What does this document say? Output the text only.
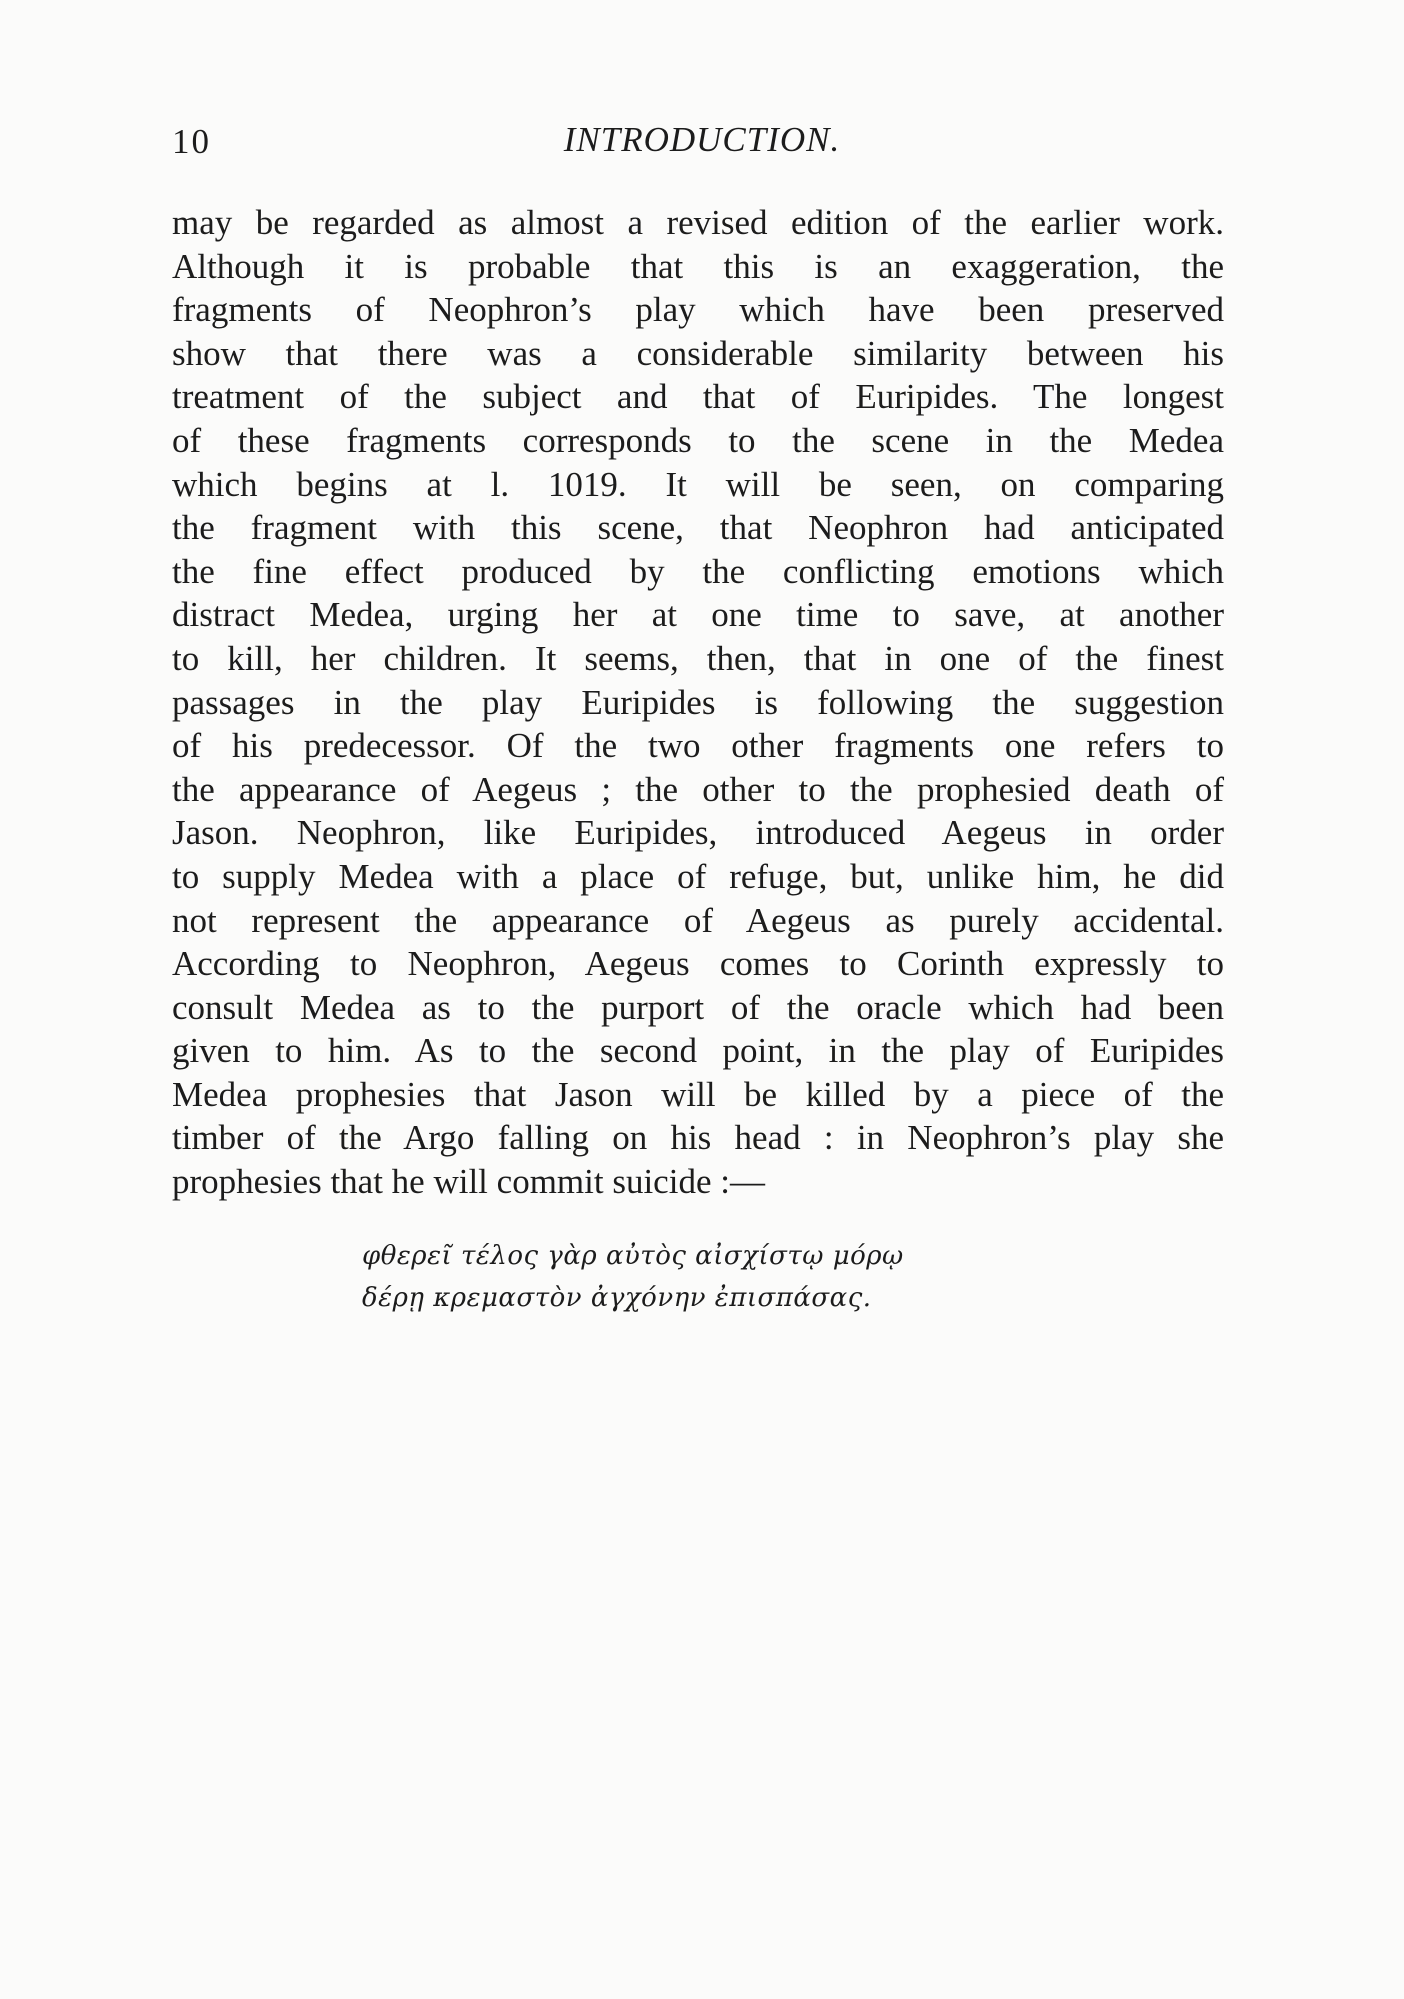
10	INTRODUCTION.
may be regarded as almost a revised edition of the earlier work.
Although it is probable that this is an exaggeration, the
fragments of Neophron’s play which have been preserved
show that there was a considerable similarity between his
treatment of the subject and that of Euripides. The longest
of these fragments corresponds to the scene in the Medea
which begins at l. 1019. It will be seen, on comparing
the fragment with this scene, that Neophron had anticipated
the fine effect produced by the conflicting emotions which
distract Medea, urging her at one time to save, at another
to kill, her children. It seems, then, that in one of the finest
passages in the play Euripides is following the suggestion
of his predecessor. Of the two other fragments one refers to
the appearance of Aegeus ; the other to the prophesied death of
Jason. Neophron, like Euripides, introduced Aegeus in order
to supply Medea with a place of refuge, but, unlike him, he did
not represent the appearance of Aegeus as purely accidental.
According to Neophron, Aegeus comes to Corinth expressly to
consult Medea as to the purport of the oracle which had been
given to him. As to the second point, in the play of Euripides
Medea prophesies that Jason will be killed by a piece of the
timber of the Argo falling on his head : in Neophron’s play she
prophesies that he will commit suicide :—
φθερεῖ τέλος γὰρ αὐτὸς αἰσχίστῳ μόρῳ
δέρῃ κρεμαστὸν ἀγχόνην ἐπισπάσας.
